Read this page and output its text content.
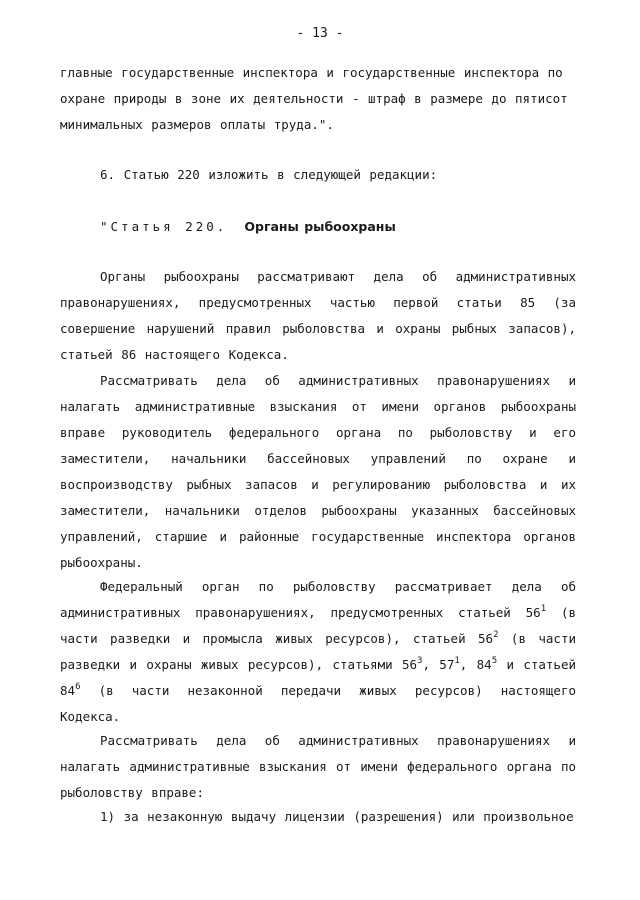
- 13 -
главные государственные инспектора и государственные инспектора по
охране природы в зоне их деятельности - штраф в размере до пятисот
минимальных размеров оплаты труда.".

6. Статью 220 изложить в следующей редакции:

"Статья 220. Органы рыбоохраны

Органы рыбоохраны рассматривают дела об административных правонарушениях, предусмотренных частью первой статьи 85 (за совершение нарушений правил рыболовства и охраны рыбных запасов), статьей 86 настоящего Кодекса.

Рассматривать дела об административных правонарушениях и налагать административные взыскания от имени органов рыбоохраны вправе руководитель федерального органа по рыболовству и его заместители, начальники бассейновых управлений по охране и воспроизводству рыбных запасов и регулированию рыболовства и их заместители, начальники отделов рыбоохраны указанных бассейновых управлений, старшие и районные государственные инспектора органов рыбоохраны.

Федеральный орган по рыболовству рассматривает дела об административных правонарушениях, предусмотренных статьей $56^1$ (в части разведки и промысла живых ресурсов), статьей $56^2$ (в части разведки и охраны живых ресурсов), статьями $56^3$, $57^1$, $84^5$ и статьей $84^6$ (в части незаконной передачи живых ресурсов) настоящего Кодекса.

Рассматривать дела об административных правонарушениях и налагать административные взыскания от имени федерального органа по рыболовству вправе:

1) за незаконную выдачу лицензии (разрешения) или произвольное
